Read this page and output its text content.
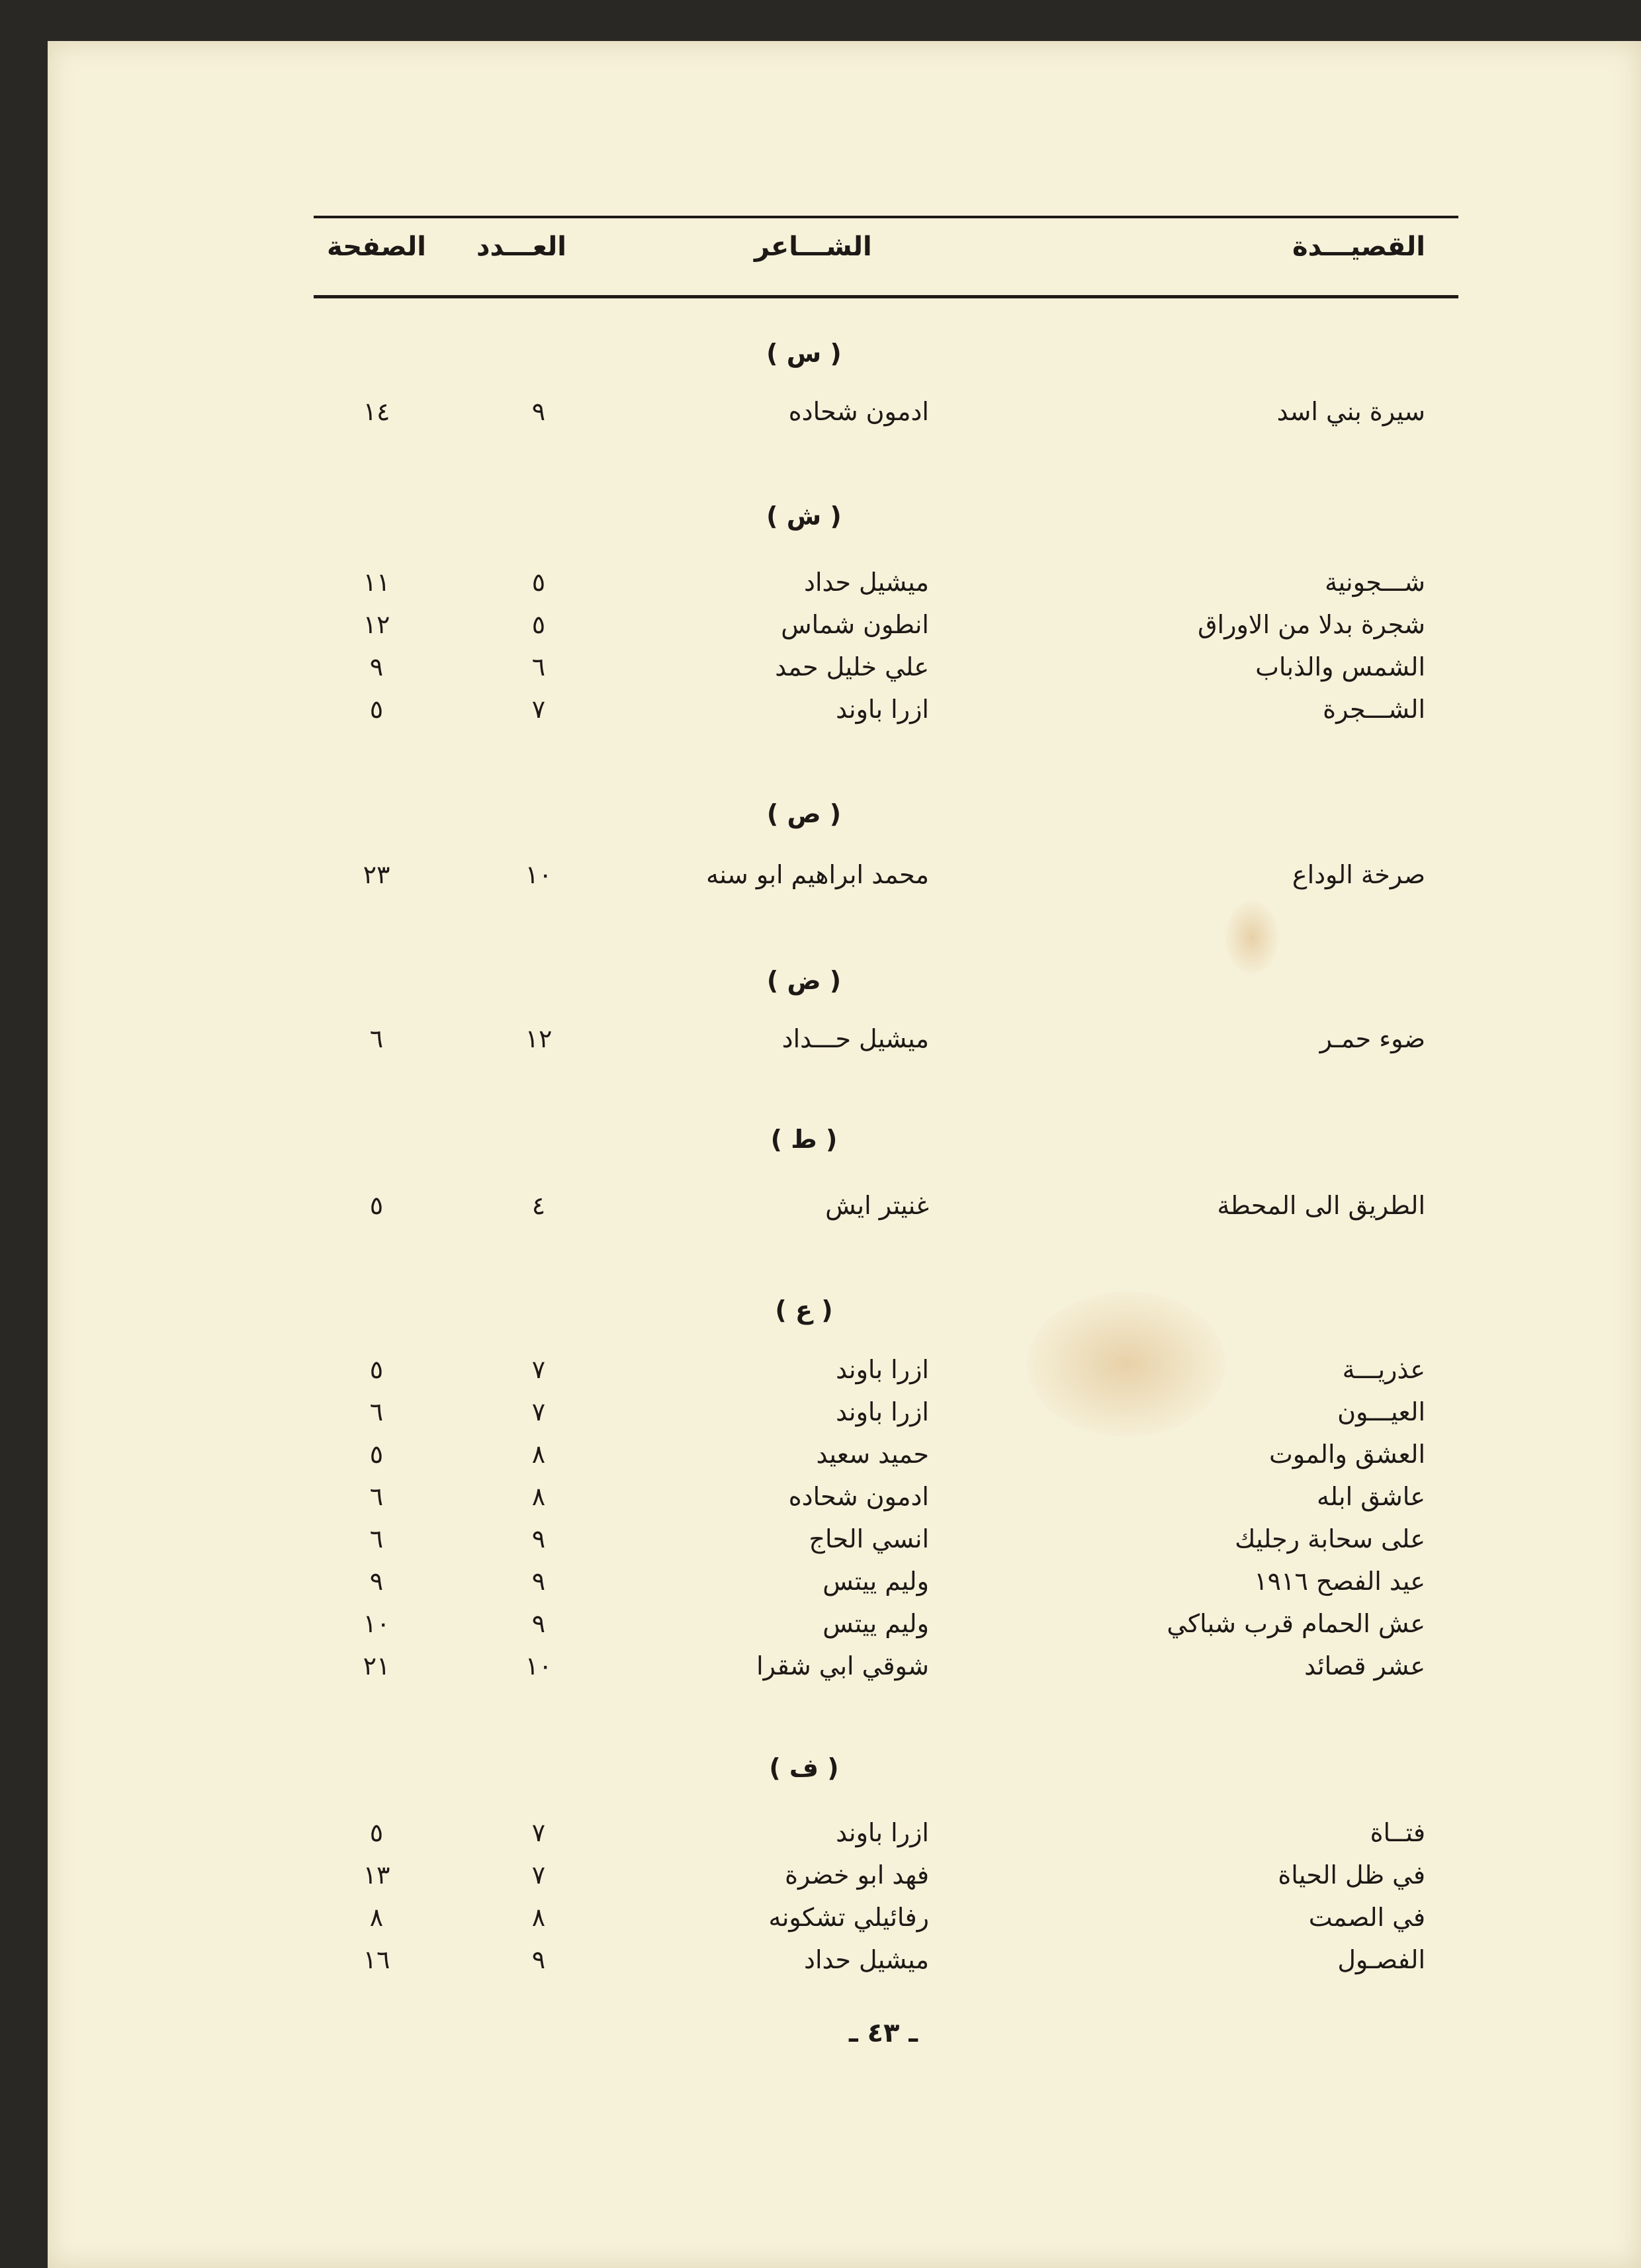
القصيـــدة
الشـــاعر
العـــدد
الصفحة
( س )
سيرة بني اسد
ادمون شحاده
٩
١٤
( ش )
شـــجونية
ميشيل حداد
٥
١١
شجرة بدلا من الاوراق
انطون شماس
٥
١٢
الشمس والذباب
علي خليل حمد
٦
٩
الشـــجرة
ازرا باوند
٧
٥
( ص )
صرخة الوداع
محمد ابراهيم ابو سنه
١٠
٢٣
( ض )
ضوء حمـر
ميشيل حـــداد
١٢
٦
( ط )
الطريق الى المحطة
غنيتر ايش
٤
٥
( ع )
عذريـــة
ازرا باوند
٧
٥
العيـــون
ازرا باوند
٧
٦
العشق والموت
حميد سعيد
٨
٥
عاشق ابله
ادمون شحاده
٨
٦
على سحابة رجليك
انسي الحاج
٩
٦
عيد الفصح ١٩١٦
وليم ييتس
٩
٩
عش الحمام قرب شباكي
وليم ييتس
٩
١٠
عشر قصائد
شوقي ابي شقرا
١٠
٢١
( ف )
فتــاة
ازرا باوند
٧
٥
في ظل الحياة
فهد ابو خضرة
٧
١٣
في الصمت
رفائيلي تشكونه
٨
٨
الفصـول
ميشيل حداد
٩
١٦
ـ ٤٣ ـ
